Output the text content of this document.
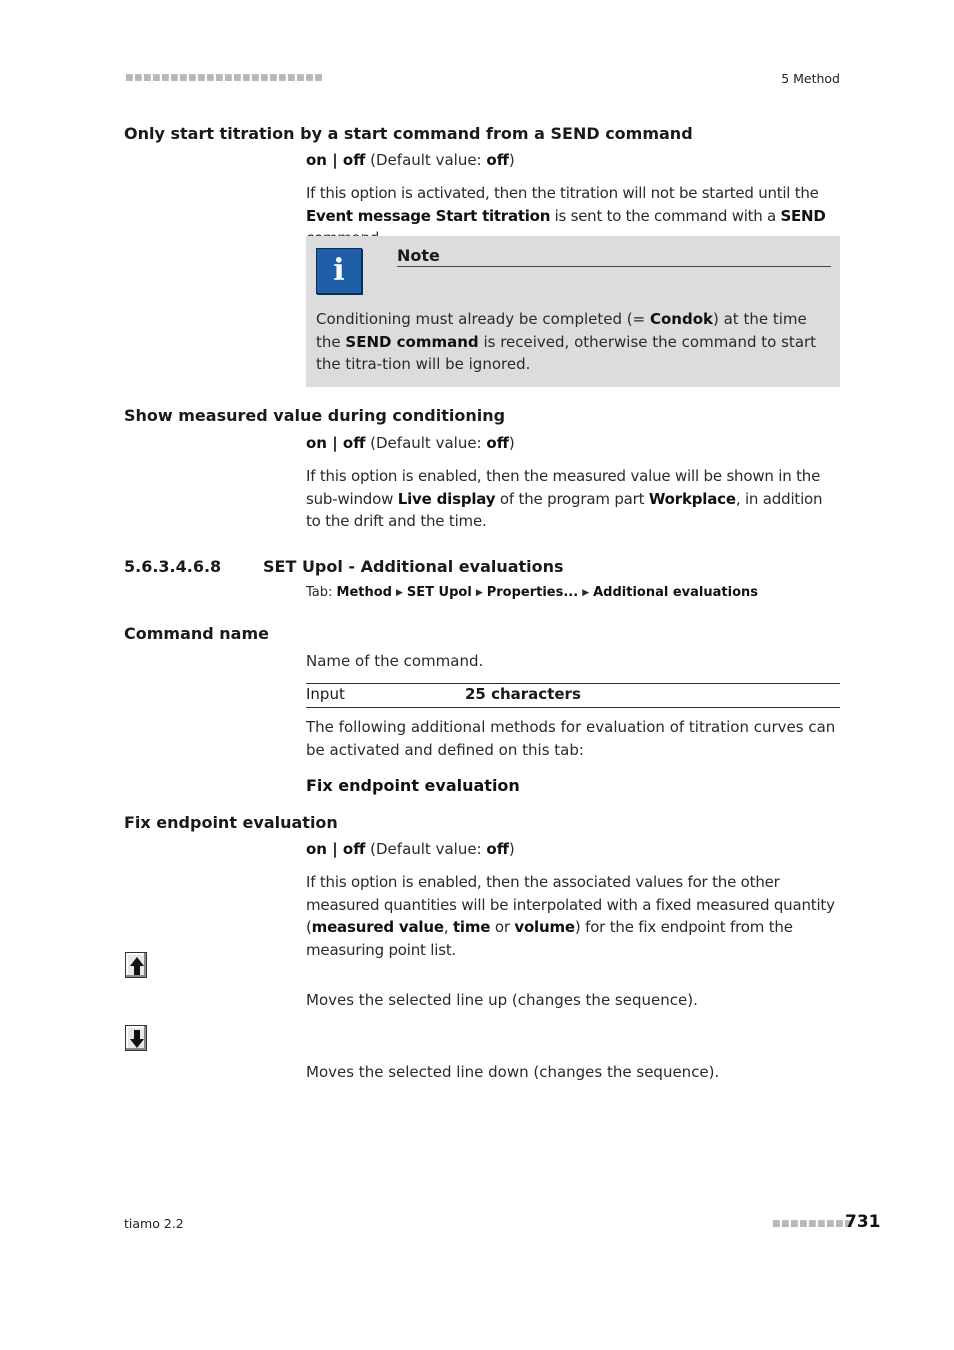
■■■■■■■■■■■■■■■■■■■■■■	5 Method
Only start titration by a start command from a SEND command
on | off (Default value: off)
If this option is activated, then the titration will not be started until the Event message Start titration is sent to the command with a SEND
i	Note
Conditioning must already be completed (= Condok) at the time the SEND command is received, otherwise the command to start the titra-tion will be ignored.
Show measured value during conditioning
on | off (Default value: off)
If this option is enabled, then the measured value will be shown in the sub-window Live display of the program part Workplace, in addition to the drift and the time.
5.6.3.4.6.8	SET Upol - Additional evaluations
Tab: Method ▶ SET Upol ▶ Properties... ▶ Additional evaluations
Command name
Name of the command.
Input	25 characters
The following additional methods for evaluation of titration curves can be activated and defined on this tab:
Fix endpoint evaluation
Fix endpoint evaluation
on | off (Default value: off)
If this option is enabled, then the associated values for the other measured quantities will be interpolated with a fixed measured quantity (measured value, time or volume) for the fix endpoint from the measuring point list.
Moves the selected line up (changes the sequence).
Moves the selected line down (changes the sequence).
tiamo 2.2	■■■■■■■■■
731
